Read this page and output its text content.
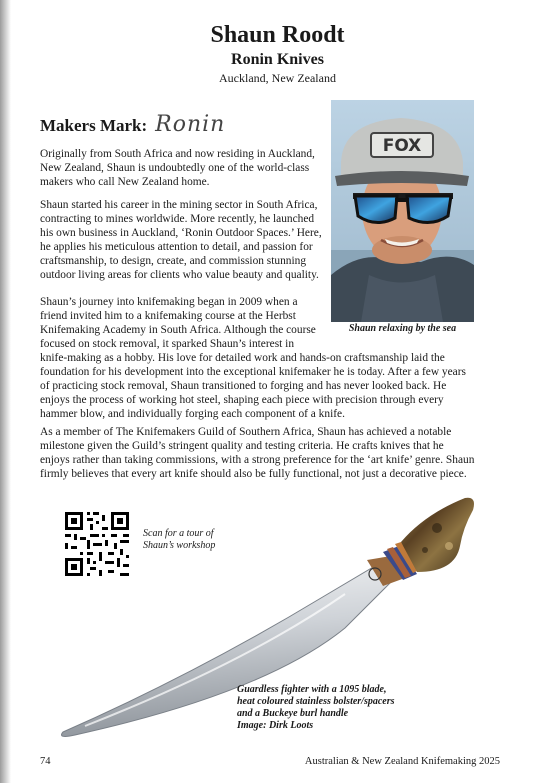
Shaun Roodt
Ronin Knives
Auckland, New Zealand
Makers Mark: Ronin
FOX
Shaun relaxing by the sea

Originally from South Africa and now residing in Auckland, New Zealand, Shaun is undoubtedly one of the world-class makers who call New Zealand home.

Shaun started his career in the mining sector in South Africa, contracting to mines worldwide. More recently, he launched his own business in Auckland, ‘Ronin Outdoor Spaces.’ Here, he applies his meticulous attention to detail, and passion for craftsmanship, to design, create, and commission stunning outdoor living areas for clients who value beauty and quality.

Shaun’s journey into knifemaking began in 2009 when a friend invited him to a knifemaking course at the Herbst Knifemaking Academy in South Africa. Although the course focused on stock removal, it sparked Shaun’s interest in knife-making as a hobby. His love for detailed work and hands-on craftsmanship laid the foundation for his development into the exceptional knifemaker he is today. After a few years of practicing stock removal, Shaun transitioned to forging and has never looked back. He enjoys the process of working hot steel, shaping each piece with precision through every hammer blow, and individually forging each component of a knife.

As a member of The Knifemakers Guild of Southern Africa, Shaun has achieved a notable milestone given the Guild’s stringent quality and testing criteria. He crafts knives that he enjoys rather than taking commissions, with a strong preference for the ‘art knife’ genre. Shaun firmly believes that every art knife should also be fully functional, not just a decorative piece.

Scan for a tour of
Shaun’s workshop
Guardless fighter with a 1095 blade,
heat coloured stainless bolster/spacers
and a Buckeye burl handle
Image: Dirk Loots
74	Australian & New Zealand Knifemaking 2025
